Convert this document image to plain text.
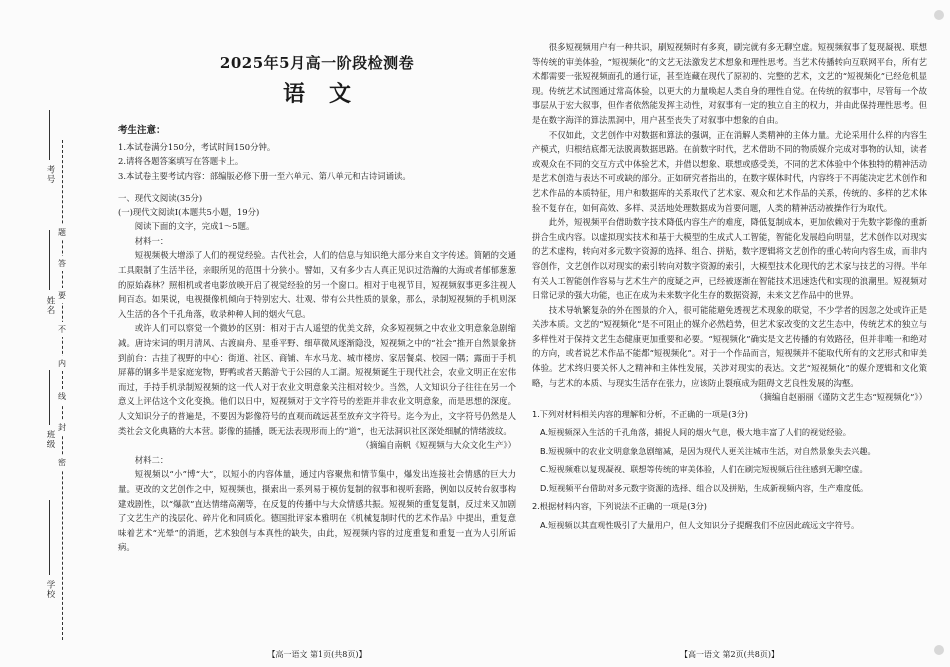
考号
姓名
班级
学校
题
答
要
不
内
线
封
密
2025年5月高一阶段检测卷
语文
考生注意：
1.本试卷满分150分，考试时间150分钟。
2.请将各题答案填写在答题卡上。
3.本试卷主要考试内容：部编版必修下册一至六单元、第八单元和古诗词诵读。
一、现代文阅读(35分)
(一)现代文阅读Ⅰ(本题共5小题，19分)
阅读下面的文字，完成1～5题。
材料一：

短视频极大增添了人们的视觉经验。古代社会，人们的信息与知识绝大部分来自文字传述。简陋的交通工具限制了生活半径，亲眼所见的范围十分狭小。譬如，又有多少古人真正见识过浩瀚的大海或者郁郁葱葱的原始森林？照相机或者电影放映开启了视觉经验的另一个窗口。相对于电视节目，短视频叙事更多注视人间百态。如果说，电视摄像机倾向于特别宏大、壮观、带有公共性质的景象，那么，录制短视频的手机则深入生活的各个千孔角落，收录种种人间的烟火气息。

或许人们可以察觉一个微妙的区别：相对于古人遥望的优美文辞，众多短视频之中农业文明意象急剧缩减。唐诗宋词的明月清风、古渡扁舟、星垂平野、细草微风逐渐隐没，短视频之中的“社会”推开自然景象挤到前台：古挂了视野的中心：街道、社区、商铺、车水马龙、城市楼房、家居餐桌、校园一隅；露面于手机屏幕的钢多半是家庭宠物，野鸭或者天鹅游弋于公园的人工湖。短视频诞生于现代社会，农业文明正在宏伟而过，手持手机录制短视频的这一代人对于农业文明意象关注相对较少。当然，人文知识分子往往在另一个意义上评估这个文化变换。他们以日中，短视频对于文字符号的差距并非农业文明意象，而是思想的深度。人文知识分子的普遍是，不要因为影像符号的直观而疏远甚至放弃文字符号。迄今为止，文字符号仍然是人类社会文化典籍的大本营。影像的插播，既无法表现形而上的“道”，也无法洞识社区深处细腻的情绪波纹。

（摘编自南帆《短视频与大众文化生产》）

材料二：

短视频以“小”博“大”，以短小的内容体量，通过内容聚焦和情节集中，爆发出连接社会情感的巨大力量。更改的文艺创作之中，短视频也，摄索出一系列易于模仿复制的叙事和视听套路，例如以反转台叙事构建戏剧性，以“爆款”直达情绪高潮等，在反复的传播中与大众情感共振。短视频的重复复制，反过来又加剧了文艺生产的浅层化、碎片化和同质化。德国批评家本雅明在《机械复制时代的艺术作品》中提出，重复意味着艺术“光晕”的消逝，艺术独创与本真性的缺失，由此，短视频内容的过度重复和重复一直为人引所诟病。

【高一语文 第1页(共8页)】

很多短视频用户有一种共识，刷短视频时有多爽，刷完就有多无聊空虚。短视频叙事了复现凝视、联想等传统的审美体验，“短视频化”的文艺无法激发艺术想象和理性思考。当艺术传播转向互联网平台，所有艺术都需要一张短视频面孔的通行证，甚至连藏在现代了原初的、完整的艺术，文艺的“短视频化”已经危机显现。传统艺术试图通过常高体验，以更大的力量唤起人类自身的理性自觉。在传统的叙事中，尽管每一个故事层从于宏大叙事，但作者依然能发挥主动性，对叙事有一定的独立自主的权力，并由此保持理性思考。但是在数字海洋的算法黑洞中，用户甚至丧失了对叙事中想象的自由。

不仅如此，文艺创作中对数据和算法的强调，正在消解人类精神的主体力量。尤论采用什么样的内容生产模式，归根结底都无法脱离数据思路。在前数字时代，艺术借助不同的物质媒介完成对事物的认知，读者或观众在不同的交互方式中体验艺术，并借以想象、联想或感受美，不同的艺术体验中个体独特的精神活动是艺术创造与表达不可或缺的部分。正如研究者指出的，在数字媒体时代，内容终于不再能决定艺术创作和艺术作品的本质特征，用户和数据库的关系取代了艺术家、观众和艺术作品的关系，传统的、多样的艺术体验不复存在，如何高效、多样、灵活地处理数据成为首要问题，人类的精神活动被操作行为取代。

此外，短视频平台借助数字技术降低内容生产的难度，降低复制成本，更加依赖对于先数字影像的重新拼合生成内容。以虚拟现实技术和基于大模型的生成式人工智能，智能化发展趋向明显，艺术创作以对现实的艺术虚构，转向对多元数字资源的选择、组合、拼贴，数字逻辑将文艺创作的重心转向内容生成，而非内容创作，文艺创作以对现实的索引转向对数字资源的索引，大模型技术化现代的艺术家与技艺的习得。半年有关人工智能创作容易与艺术生产的度疑之声，已经被逐渐在智能技术迅速迭代和实现的浪潮里。短视频对日常记录的强大功能，也正在成为未来数字化生存的数据资源，未来文艺作品中的世界。

技术导轨繁复杂的外在图景的介入，很可能能避免透视艺术现象的联觉，不少学者的因忽之处或许正是关涉本质。文艺的“短视频化”是不可阻止的媒介必然趋势，但艺术家改变的文艺生态中，传统艺术的独立与多样性对于保持文艺生态健康更加重要和必要。“短视频化”确实是文艺传播的有效路径，但并非唯一和绝对的方向，或者说艺术作品不能都“短视频化”。对于一个作品而言，短视频并不能取代所有的文艺形式和审美体验。艺术终归要关怀人之精神和主体性发展，关涉对现实的表达。文艺“短视频化”的媒介逻辑和文化策略，与艺术的本质、与现实生活存在张力，应该防止裂痕成为阻碍文艺良性发展的沟壑。

（摘编自赵丽丽《谨防文艺生态“短视频化”》）

1.下列对材料相关内容的理解和分析，不正确的一项是(3分)

A.短视频深入生活的千孔角落，捕捉人间的烟火气息，极大地丰富了人们的视觉经验。

B.短视频中的农业文明意象急剧缩减，是因为现代人更关注城市生活，对自然景象失去兴趣。

C.短视频难以复现凝视、联想等传统的审美体验，人们在刷完短视频后往往感到无聊空虚。

D.短视频平台借助对多元数字资源的选择、组合以及拼贴，生成新视频内容，生产难度低。

2.根据材料内容，下列说法不正确的一项是(3分)

A.短视频以其直观性吸引了大量用户，但人文知识分子提醒我们不应因此疏远文字符号。

【高一语文 第2页(共8页)】
